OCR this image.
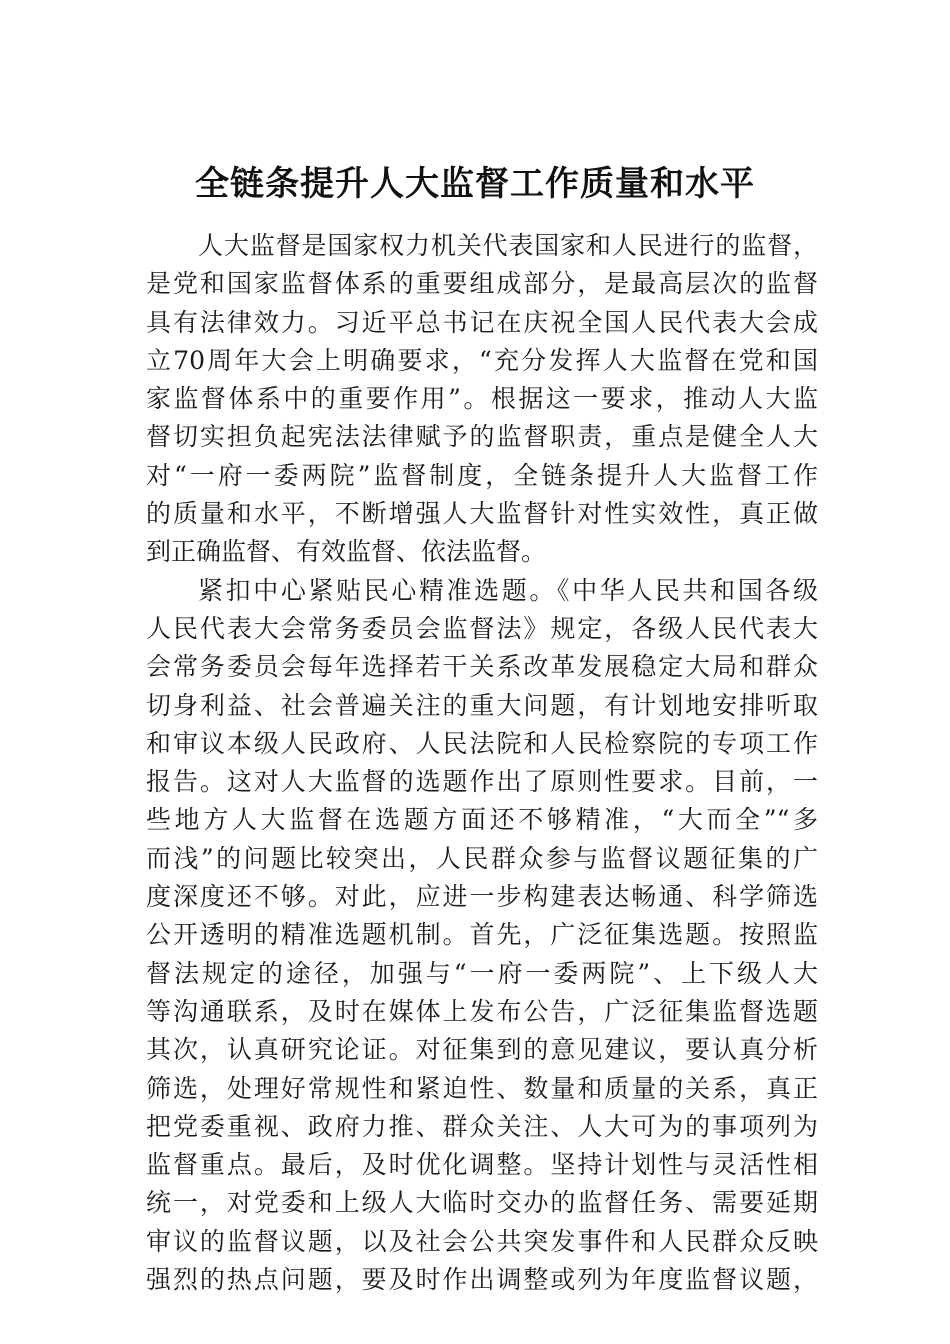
全链条提升人大监督工作质量和水平
人大监督是国家权力机关代表国家和人民进行的监督，
是党和国家监督体系的重要组成部分，是最高层次的监督
具有法律效力。习近平总书记在庆祝全国人民代表大会成
立70周年大会上明确要求，“充分发挥人大监督在党和国
家监督体系中的重要作用”。根据这一要求，推动人大监
督切实担负起宪法法律赋予的监督职责，重点是健全人大
对“一府一委两院”监督制度，全链条提升人大监督工作
的质量和水平，不断增强人大监督针对性实效性，真正做
到正确监督、有效监督、依法监督。
紧扣中心紧贴民心精准选题。《中华人民共和国各级
人民代表大会常务委员会监督法》规定，各级人民代表大
会常务委员会每年选择若干关系改革发展稳定大局和群众
切身利益、社会普遍关注的重大问题，有计划地安排听取
和审议本级人民政府、人民法院和人民检察院的专项工作
报告。这对人大监督的选题作出了原则性要求。目前，一
些地方人大监督在选题方面还不够精准，“大而全”“多
而浅”的问题比较突出，人民群众参与监督议题征集的广
度深度还不够。对此，应进一步构建表达畅通、科学筛选
公开透明的精准选题机制。首先，广泛征集选题。按照监
督法规定的途径，加强与“一府一委两院”、上下级人大
等沟通联系，及时在媒体上发布公告，广泛征集监督选题
其次，认真研究论证。对征集到的意见建议，要认真分析
筛选，处理好常规性和紧迫性、数量和质量的关系，真正
把党委重视、政府力推、群众关注、人大可为的事项列为
监督重点。最后，及时优化调整。坚持计划性与灵活性相
统一，对党委和上级人大临时交办的监督任务、需要延期
审议的监督议题，以及社会公共突发事件和人民群众反映
强烈的热点问题，要及时作出调整或列为年度监督议题，
